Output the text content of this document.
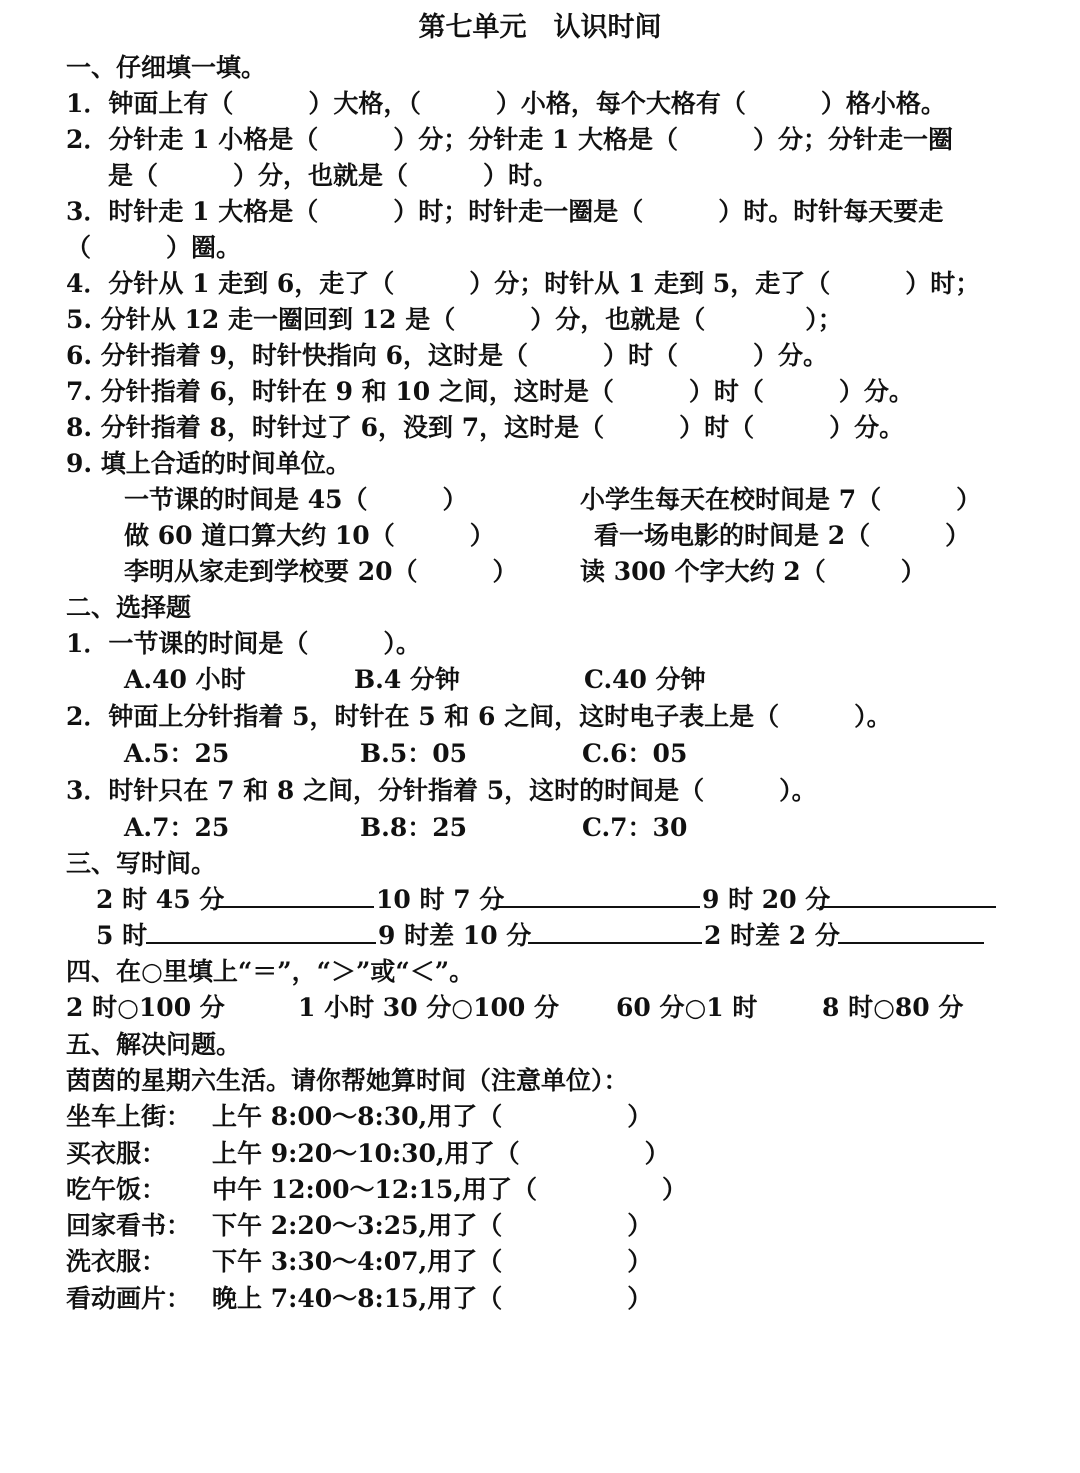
第七单元　认识时间
一、仔细填一填。
1．钟面上有（　　　）大格，（　　　）小格，每个大格有（　　　）格小格。
2．分针走 1 小格是（　　　）分；分针走 1 大格是（　　　）分；分针走一圈
是（　　　）分，也就是（　　　）时。
3．时针走 1 大格是（　　　）时；时针走一圈是（　　　）时。时针每天要走
（　　　）圈。
4．分针从 1 走到 6，走了（　　　）分；时针从 1 走到 5，走了（　　　）时；
5. 分针从 12 走一圈回到 12 是（　　　）分，也就是（　　　　）；
6. 分针指着 9，时针快指向 6，这时是（　　　）时（　　　）分。
7. 分针指着 6，时针在 9 和 10 之间，这时是（　　　）时（　　　）分。
8. 分针指着 8，时针过了 6，没到 7，这时是（　　　）时（　　　）分。
9. 填上合适的时间单位。
一节课的时间是 45（　　　）	小学生每天在校时间是 7（　　　）
做 60 道口算大约 10（　　　）	看一场电影的时间是 2（　　　）
李明从家走到学校要 20（　　　）	读 300 个字大约 2（　　　）
二、选择题
1．一节课的时间是（　　　）。
A.40 小时	B.4 分钟	C.40 分钟
2．钟面上分针指着 5，时针在 5 和 6 之间，这时电子表上是（　　　）。
A.5：25	B.5：05	C.6：05
3．时针只在 7 和 8 之间，分针指着 5，这时的时间是（　　　）。
A.7：25	B.8：25	C.7：30
三、写时间。
2 时 45 分	10 时 7 分	9 时 20 分
5 时	9 时差 10 分	2 时差 2 分
四、在○里填上“＝”，“＞”或“＜”。
2 时○100 分	1 小时 30 分○100 分 60 分○1 时	8 时○80 分
五、解决问题。
茵茵的星期六生活。请你帮她算时间（注意单位）：
坐车上街： 上午 8:00～8:30,用了（　　　　　）
买衣服： 上午 9:20～10:30,用了（　　　　　）
吃午饭： 中午 12:00～12:15,用了（　　　　　）
回家看书： 下午 2:20～3:25,用了（　　　　　）
洗衣服： 下午 3:30～4:07,用了（　　　　　）
看动画片： 晚上 7:40～8:15,用了（　　　　　）
